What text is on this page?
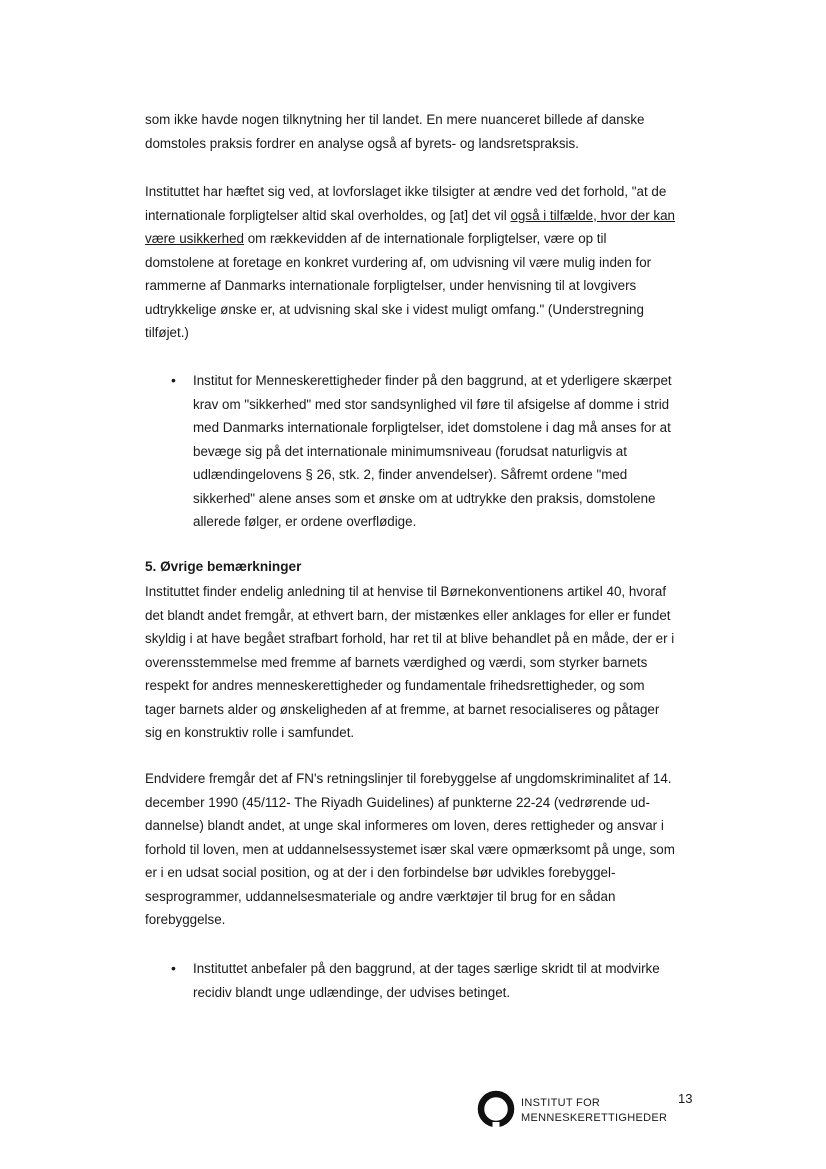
som ikke havde nogen tilknytning her til landet. En mere nuanceret billede af danske
domstoles praksis fordrer en analyse også af byrets- og landsretspraksis.

Instituttet har hæftet sig ved, at lovforslaget ikke tilsigter at ændre ved det forhold, "at de
internationale forpligtelser altid skal overholdes, og [at] det vil også i tilfælde, hvor der kan
være usikkerhed om rækkevidden af de internationale forpligtelser, være op til
domstolene at foretage en konkret vurdering af, om udvisning vil være mulig inden for
rammerne af Danmarks internationale forpligtelser, under henvisning til at lovgivers
udtrykkelige ønske er, at udvisning skal ske i videst muligt omfang." (Understregning
tilføjet.)

• Institut for Menneskerettigheder finder på den baggrund, at et yderligere skærpet
krav om "sikkerhed" med stor sandsynlighed vil føre til afsigelse af domme i strid
med Danmarks internationale forpligtelser, idet domstolene i dag må anses for at
bevæge sig på det internationale minimumsniveau (forudsat naturligvis at
udlændingelovens § 26, stk. 2, finder anvendelser). Såfremt ordene "med
sikkerhed" alene anses som et ønske om at udtrykke den praksis, domstolene
allerede følger, er ordene overflødige.

5. Øvrige bemærkninger

Instituttet finder endelig anledning til at henvise til Børnekonventionens artikel 40, hvoraf
det blandt andet fremgår, at ethvert barn, der mistænkes eller anklages for eller er fundet
skyldig i at have begået strafbart forhold, har ret til at blive behandlet på en måde, der er i
overensstemmelse med fremme af barnets værdighed og værdi, som styrker barnets
respekt for andres menneskerettigheder og fundamentale frihedsrettigheder, og som
tager barnets alder og ønskeligheden af at fremme, at barnet resocialiseres og påtager
sig en konstruktiv rolle i samfundet.

Endvidere fremgår det af FN's retningslinjer til forebyggelse af ungdomskriminalitet af 14.
december 1990 (45/112- The Riyadh Guidelines) af punkterne 22-24 (vedrørende ud-
dannelse) blandt andet, at unge skal informeres om loven, deres rettigheder og ansvar i
forhold til loven, men at uddannelsessystemet især skal være opmærksomt på unge, som
er i en udsat social position, og at der i den forbindelse bør udvikles forebyggel-
sesprogrammer, uddannelsesmateriale og andre værktøjer til brug for en sådan
forebyggelse.

• Instituttet anbefaler på den baggrund, at der tages særlige skridt til at modvirke
recidiv blandt unge udlændinge, der udvises betinget.

INSTITUT FOR
MENNESKERETTIGHEDER
13
